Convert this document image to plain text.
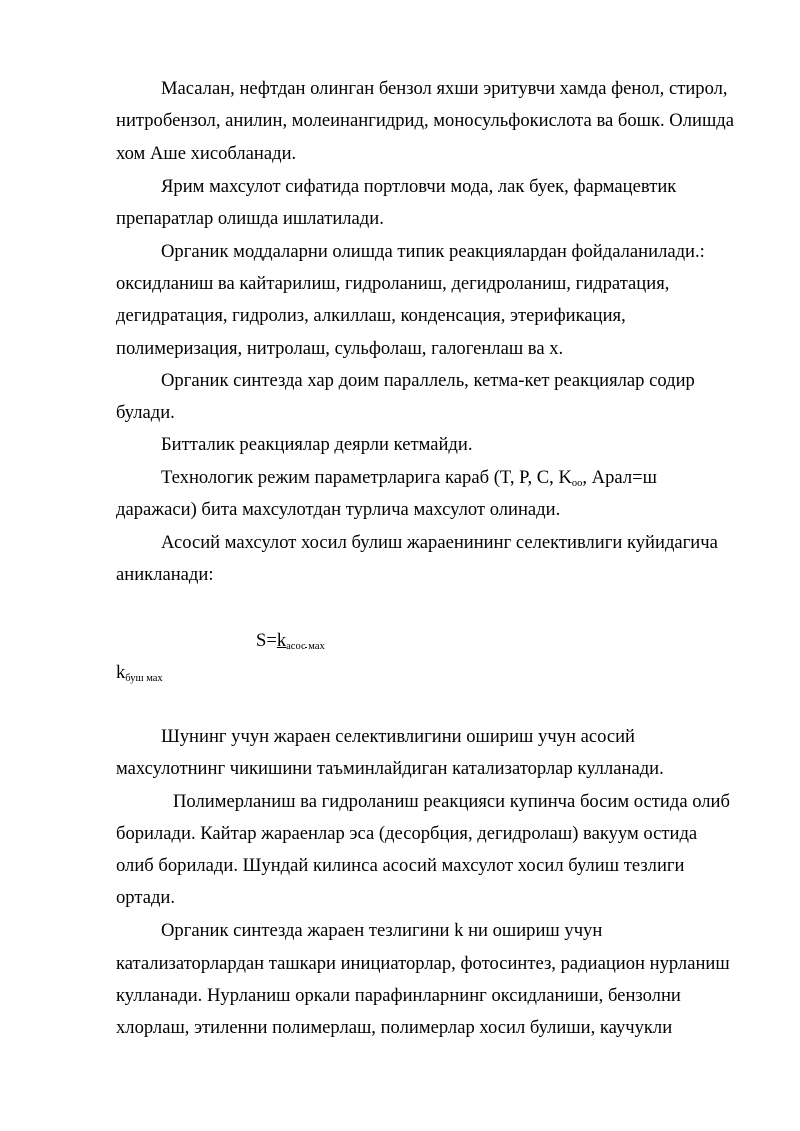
Масалан, нефтдан олинган бензол яхши эритувчи хамда фенол, стирол,
нитробензол, анилин, молеинангидрид, моносульфокислота ва бошк. Олишда
хом Аше хисобланади.
Ярим махсулот сифатида портловчи мода, лак буек, фармацевтик
препаратлар олишда ишлатилади.
Органик моддаларни олишда типик реакциялардан фойдаланилади.:
оксидланиш ва кайтарилиш, гидроланиш, дегидроланиш, гидратация,
дегидратация, гидролиз, алкиллаш, конденсация, этерификация,
полимеризация, нитролаш, сульфолаш, галогенлаш ва х.
Органик синтезда хар доим параллель, кетма-кет реакциялар содир
булади.
Битталик реакциялар деярли кетмайди.
Технологик режим параметрларига караб (T, P, C, $K_{оо}$, Арал=ш
даражаси) бита махсулотдан турлича махсулот олинади.
Асосий махсулот хосил булиш жараенининг селективлиги куйидагича
аникланади:
$S=k_{асос мах}$
$k_{буш мах}$
Шунинг учун жараен селективлигини ошириш учун асосий
махсулотнинг чикишини таъминлайдиган катализаторлар кулланади.
Полимерланиш ва гидроланиш реакцияси купинча босим остида олиб
борилади. Кайтар жараенлар эса (десорбция, дегидролаш) вакуум остида
олиб борилади. Шундай килинса асосий махсулот хосил булиш тезлиги
ортади.
Органик синтезда жараен тезлигини k ни ошириш учун
катализаторлардан ташкари инициаторлар, фотосинтез, радиацион нурланиш
кулланади. Нурланиш оркали парафинларнинг оксидланиши, бензолни
хлорлаш, этиленни полимерлаш, полимерлар хосил булиши, каучукли
